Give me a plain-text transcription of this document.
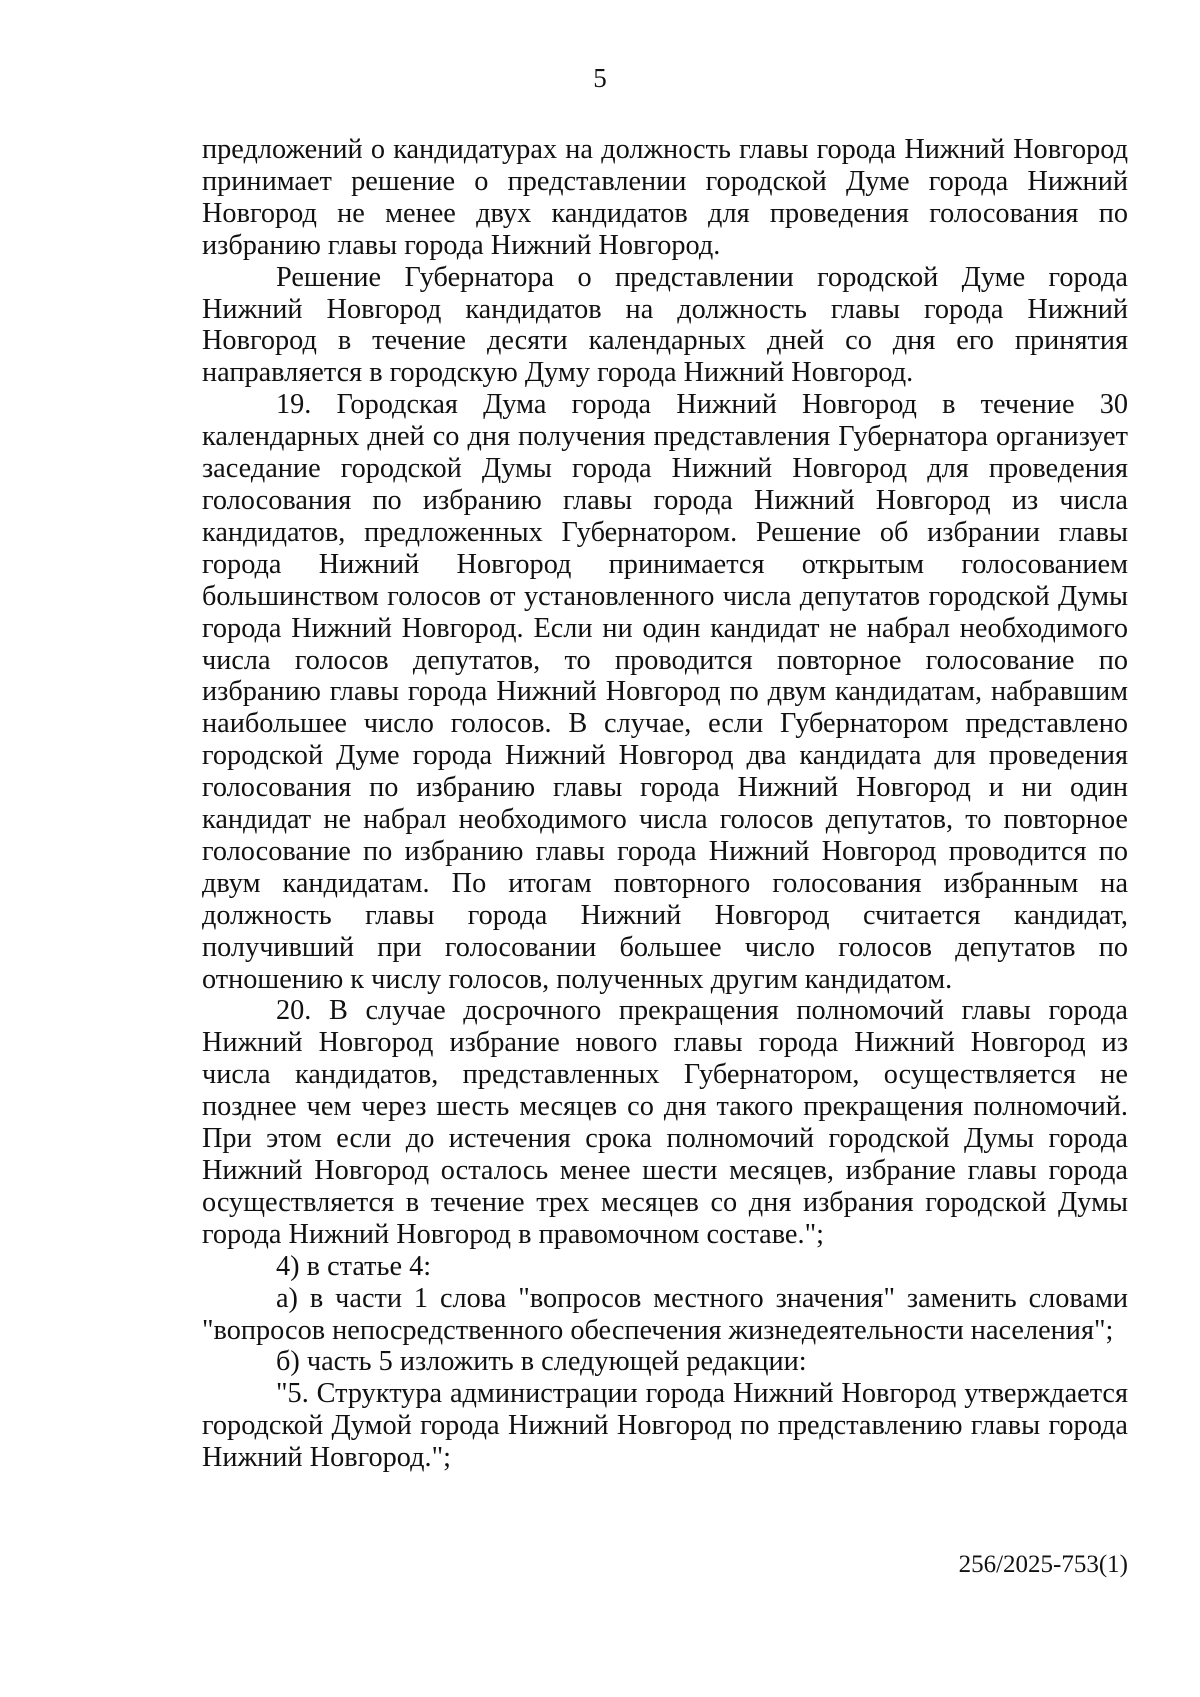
5

предложений о кандидатурах на должность главы города Нижний Новгород принимает решение о представлении городской Думе города Нижний Новгород не менее двух кандидатов для проведения голосования по избранию главы города Нижний Новгород.

Решение Губернатора о представлении городской Думе города Нижний Новгород кандидатов на должность главы города Нижний Новгород в течение десяти календарных дней со дня его принятия направляется в городскую Думу города Нижний Новгород.

19. Городская Дума города Нижний Новгород в течение 30 календарных дней со дня получения представления Губернатора организует заседание городской Думы города Нижний Новгород для проведения голосования по избранию главы города Нижний Новгород из числа кандидатов, предложенных Губернатором. Решение об избрании главы города Нижний Новгород принимается открытым голосованием большинством голосов от установленного числа депутатов городской Думы города Нижний Новгород. Если ни один кандидат не набрал необходимого числа голосов депутатов, то проводится повторное голосование по избранию главы города Нижний Новгород по двум кандидатам, набравшим наибольшее число голосов. В случае, если Губернатором представлено городской Думе города Нижний Новгород два кандидата для проведения голосования по избранию главы города Нижний Новгород и ни один кандидат не набрал необходимого числа голосов депутатов, то повторное голосование по избранию главы города Нижний Новгород проводится по двум кандидатам. По итогам повторного голосования избранным на должность главы города Нижний Новгород считается кандидат, получивший при голосовании большее число голосов депутатов по отношению к числу голосов, полученных другим кандидатом.

20. В случае досрочного прекращения полномочий главы города Нижний Новгород избрание нового главы города Нижний Новгород из числа кандидатов, представленных Губернатором, осуществляется не позднее чем через шесть месяцев со дня такого прекращения полномочий. При этом если до истечения срока полномочий городской Думы города Нижний Новгород осталось менее шести месяцев, избрание главы города осуществляется в течение трех месяцев со дня избрания городской Думы города Нижний Новгород в правомочном составе.";

4) в статье 4:

а) в части 1 слова "вопросов местного значения" заменить словами "вопросов непосредственного обеспечения жизнедеятельности населения";

б) часть 5 изложить в следующей редакции:

"5. Структура администрации города Нижний Новгород утверждается городской Думой города Нижний Новгород по представлению главы города Нижний Новгород.";

256/2025-753(1)
